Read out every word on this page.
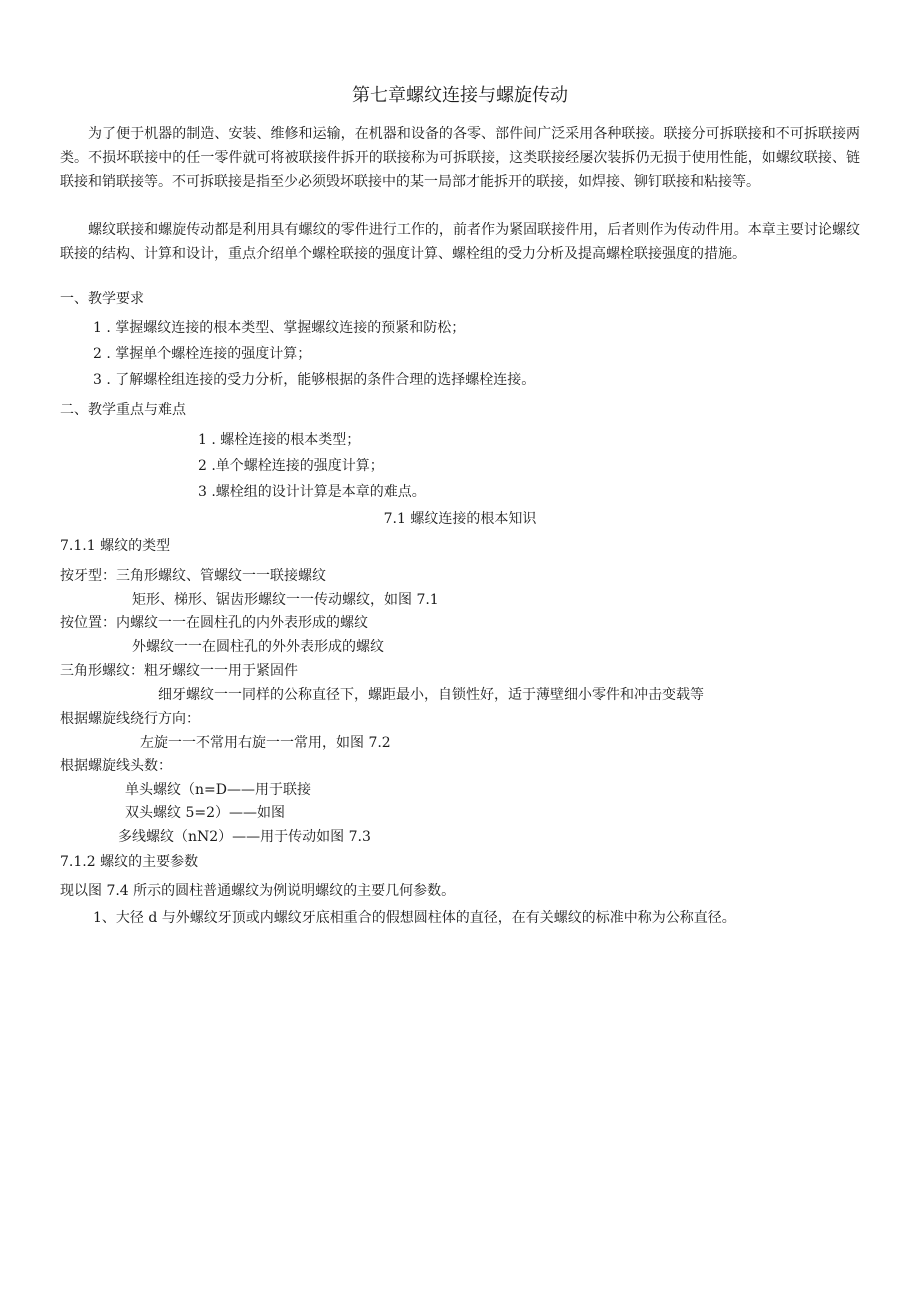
第七章螺纹连接与螺旋传动
为了便于机器的制造、安装、维修和运输，在机器和设备的各零、部件间广泛采用各种联接。联接分可拆联接和不可拆联接两类。不损坏联接中的任一零件就可将被联接件拆开的联接称为可拆联接，这类联接经屡次装拆仍无损于使用性能，如螺纹联接、链联接和销联接等。不可拆联接是指至少必须毁坏联接中的某一局部才能拆开的联接，如焊接、铆钉联接和粘接等。
螺纹联接和螺旋传动都是利用具有螺纹的零件进行工作的，前者作为紧固联接件用，后者则作为传动件用。本章主要讨论螺纹联接的结构、计算和设计，重点介绍单个螺栓联接的强度计算、螺栓组的受力分析及提高螺栓联接强度的措施。
一、教学要求
1 . 掌握螺纹连接的根本类型、掌握螺纹连接的预紧和防松；
2 . 掌握单个螺栓连接的强度计算；
3 . 了解螺栓组连接的受力分析，能够根据的条件合理的选择螺栓连接。
二、教学重点与难点
1 . 螺栓连接的根本类型；
2 .单个螺栓连接的强度计算；
3 .螺栓组的设计计算是本章的难点。
7.1 螺纹连接的根本知识
7.1.1 螺纹的类型
按牙型：三角形螺纹、管螺纹一一联接螺纹
矩形、梯形、锯齿形螺纹一一传动螺纹，如图 7.1
按位置：内螺纹一一在圆柱孔的内外表形成的螺纹
外螺纹一一在圆柱孔的外外表形成的螺纹
三角形螺纹：粗牙螺纹一一用于紧固件
细牙螺纹一一同样的公称直径下，螺距最小，自锁性好，适于薄壁细小零件和冲击变载等
根据螺旋线绕行方向：
左旋一一不常用右旋一一常用，如图 7.2
根据螺旋线头数：
单头螺纹（n=D——用于联接
双头螺纹 5=2）——如图
多线螺纹（nN2）——用于传动如图 7.3
7.1.2 螺纹的主要参数
现以图 7.4 所示的圆柱普通螺纹为例说明螺纹的主要几何参数。
1、大径 d 与外螺纹牙顶或内螺纹牙底相重合的假想圆柱体的直径，在有关螺纹的标准中称为公称直径。
